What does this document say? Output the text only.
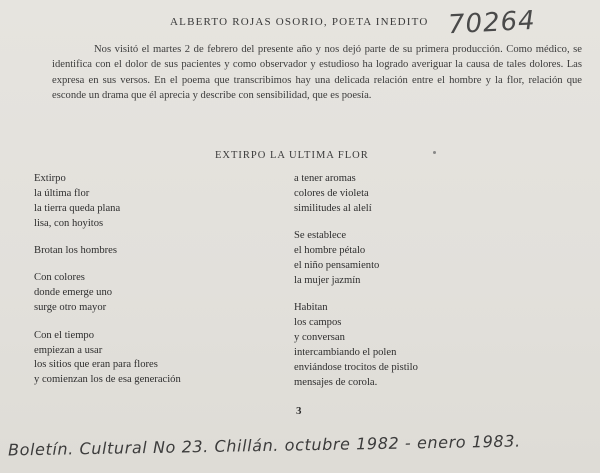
ALBERTO ROJAS OSORIO, POETA INEDITO 70264

Nos visitó el martes 2 de febrero del presente año y nos dejó parte de su primera producción. Como médico, se identifica con el dolor de sus pacientes y como observador y estudioso ha logrado averiguar la causa de tales dolores. Las expresa en sus versos. En el poema que transcribimos hay una delicada relación entre el hombre y la flor, relación que esconde un drama que él aprecia y describe con sensibilidad, que es poesía.

EXTIRPO LA ULTIMA FLOR
Extirpo
la última flor
la tierra queda plana
lisa, con hoyitos
Brotan los hombres
Con colores
donde emerge uno
surge otro mayor
Con el tiempo
empiezan a usar
los sitios que eran para flores
y comienzan los de esa generación
a tener aromas
colores de violeta
similitudes al alelí
Se establece
el hombre pétalo
el niño pensamiento
la mujer jazmín
Habitan
los campos
y conversan
intercambiando el polen
enviándose trocitos de pistilo
mensajes de corola.
3
Boletín. Cultural No 23. Chillán. octubre 1982 - enero 1983.
